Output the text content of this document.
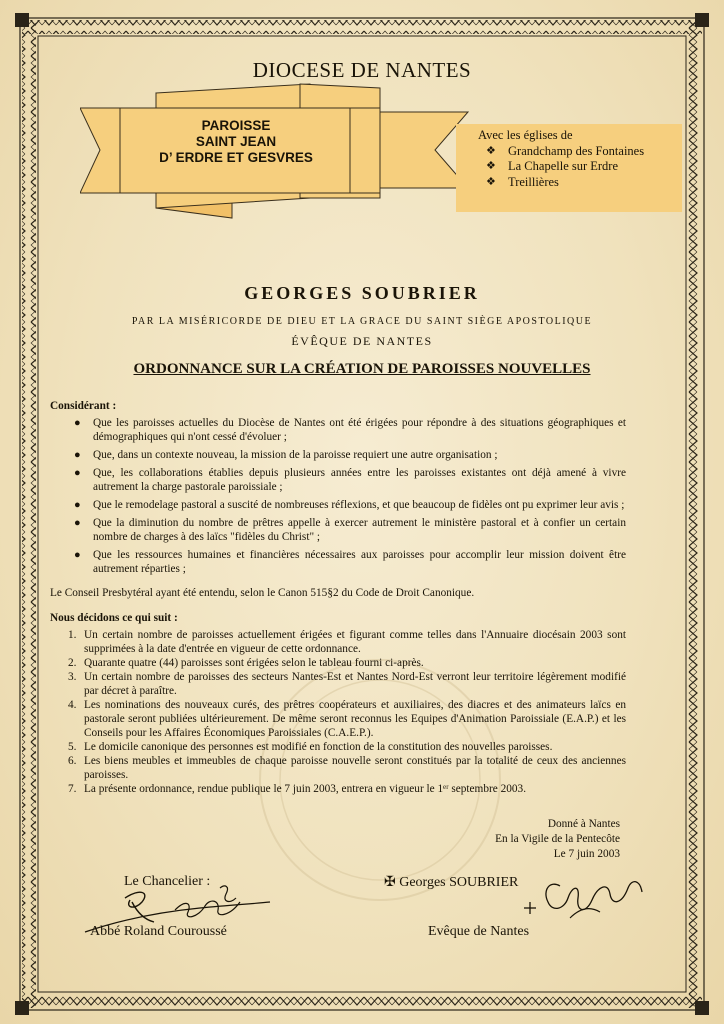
DIOCESE DE NANTES
PAROISSE
SAINT JEAN
D’ ERDRE ET GESVRES
Avec les églises de
❖ Grandchamp des Fontaines
❖ La Chapelle sur Erdre
❖ Treillières
GEORGES SOUBRIER
PAR LA MISÉRICORDE DE DIEU ET LA GRACE DU SAINT SIÈGE APOSTOLIQUE
ÉVÊQUE DE NANTES
ORDONNANCE SUR LA CRÉATION DE PAROISSES NOUVELLES
Considérant :
● Que les paroisses actuelles du Diocèse de Nantes ont été érigées pour répondre à des situations géographiques et démographiques qui n'ont cessé d'évoluer ;
● Que, dans un contexte nouveau, la mission de la paroisse requiert une autre organisation ;
● Que, les collaborations établies depuis plusieurs années entre les paroisses existantes ont déjà amené à vivre autrement la charge pastorale paroissiale ;
● Que le remodelage pastoral a suscité de nombreuses réflexions, et que beaucoup de fidèles ont pu exprimer leur avis ;
● Que la diminution du nombre de prêtres appelle à exercer autrement le ministère pastoral et à confier un certain nombre de charges à des laïcs "fidèles du Christ" ;
● Que les ressources humaines et financières nécessaires aux paroisses pour accomplir leur mission doivent être autrement réparties ;
Le Conseil Presbytéral ayant été entendu, selon le Canon 515§2 du Code de Droit Canonique.
Nous décidons ce qui suit :
1. Un certain nombre de paroisses actuellement érigées et figurant comme telles dans l'Annuaire diocésain 2003 sont supprimées à la date d'entrée en vigueur de cette ordonnance.
2. Quarante quatre (44) paroisses sont érigées selon le tableau fourni ci-après.
3. Un certain nombre de paroisses des secteurs Nantes-Est et Nantes Nord-Est verront leur territoire légèrement modifié par décret à paraître.
4. Les nominations des nouveaux curés, des prêtres coopérateurs et auxiliaires, des diacres et des animateurs laïcs en pastorale seront publiées ultérieurement. De même seront reconnus les Equipes d'Animation Paroissiale (E.A.P.) et les Conseils pour les Affaires Économiques Paroissiales (C.A.E.P.).
5. Le domicile canonique des personnes est modifié en fonction de la constitution des nouvelles paroisses.
6. Les biens meubles et immeubles de chaque paroisse nouvelle seront constitués par la totalité de ceux des anciennes paroisses.
7. La présente ordonnance, rendue publique le 7 juin 2003, entrera en vigueur le 1ᵉʳ septembre 2003.
Donné à Nantes
En la Vigile de la Pentecôte
Le 7 juin 2003
Le Chancelier :
Abbé Roland Couroussé
✠ Georges SOUBRIER
Evêque de Nantes
